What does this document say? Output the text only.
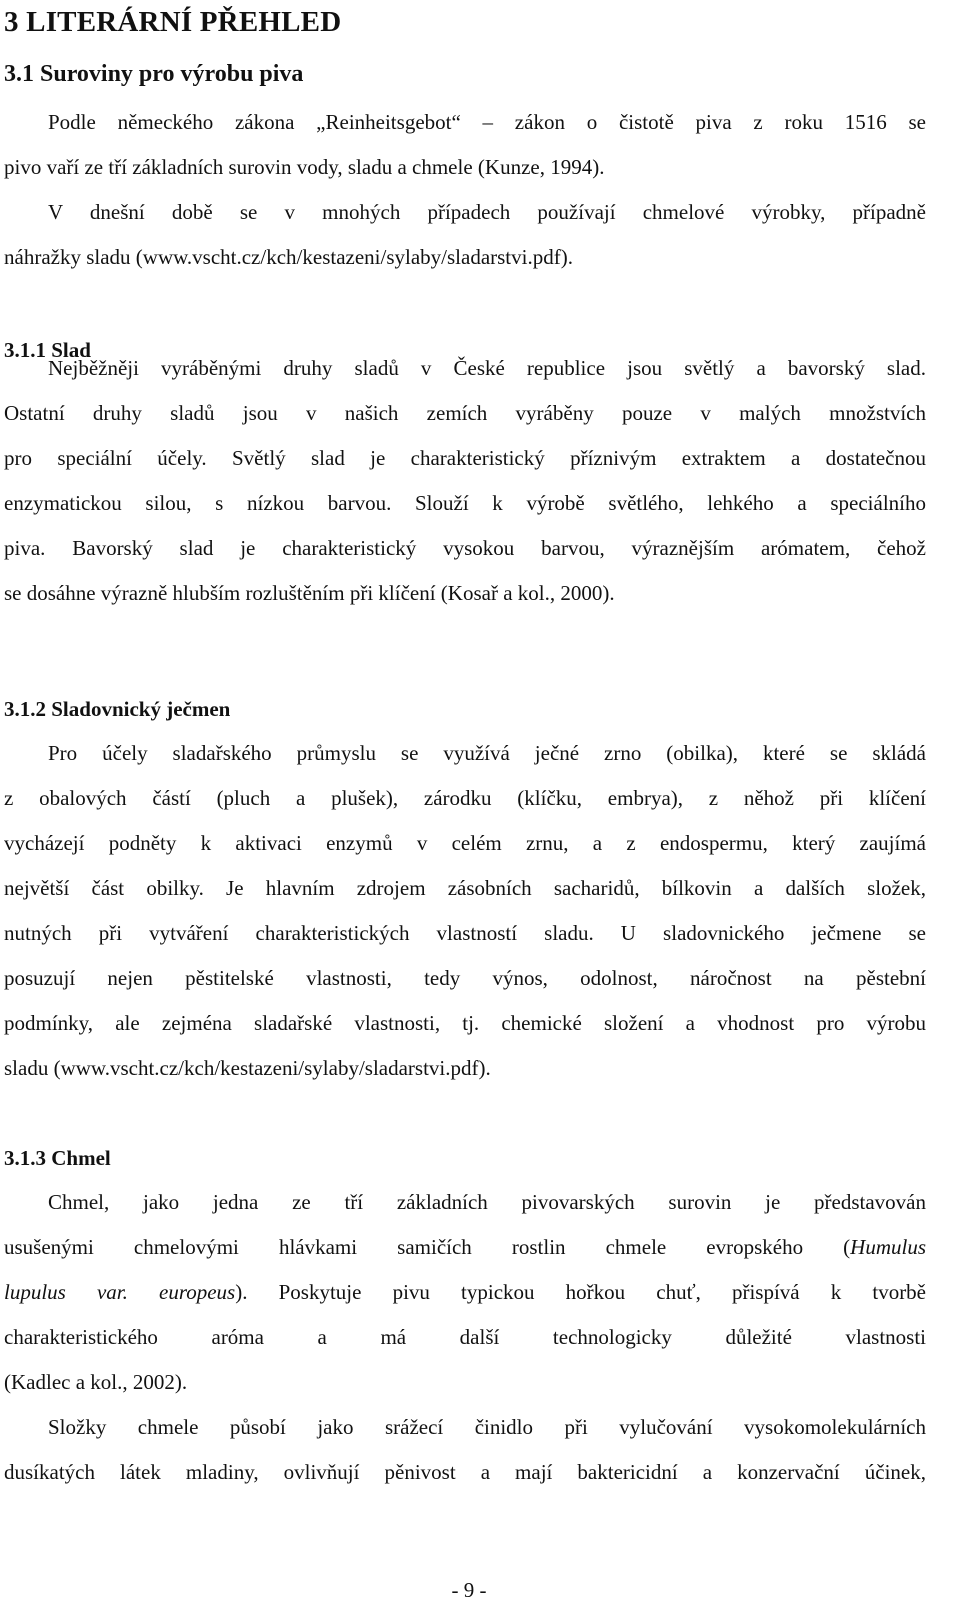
3 LITERÁRNÍ PŘEHLED
3.1 Suroviny pro výrobu piva
Podle německého zákona „Reinheitsgebot“ – zákon o čistotě piva z roku 1516 se
pivo vaří ze tří základních surovin vody, sladu a chmele (Kunze, 1994).
V dnešní době se v mnohých případech používají chmelové výrobky, případně
náhražky sladu (www.vscht.cz/kch/kestazeni/sylaby/sladarstvi.pdf).
3.1.1 Slad
Nejběžněji vyráběnými druhy sladů v České republice jsou světlý a bavorský slad.
Ostatní druhy sladů jsou v našich zemích vyráběny pouze v malých množstvích
pro speciální účely. Světlý slad je charakteristický příznivým extraktem a dostatečnou
enzymatickou silou, s nízkou barvou. Slouží k výrobě světlého, lehkého a speciálního
piva. Bavorský slad je charakteristický vysokou barvou, výraznějším arómatem, čehož
se dosáhne výrazně hlubším rozluštěním při klíčení (Kosař a kol., 2000).
3.1.2 Sladovnický ječmen
Pro účely sladařského průmyslu se využívá ječné zrno (obilka), které se skládá
z obalových částí (pluch a plušek), zárodku (klíčku, embrya), z něhož při klíčení
vycházejí podněty k aktivaci enzymů v celém zrnu, a z endospermu, který zaujímá
největší část obilky. Je hlavním zdrojem zásobních sacharidů, bílkovin a dalších složek,
nutných při vytváření charakteristických vlastností sladu. U sladovnického ječmene se
posuzují nejen pěstitelské vlastnosti, tedy výnos, odolnost, náročnost na pěstební
podmínky, ale zejména sladařské vlastnosti, tj. chemické složení a vhodnost pro výrobu
sladu (www.vscht.cz/kch/kestazeni/sylaby/sladarstvi.pdf).
3.1.3 Chmel
Chmel, jako jedna ze tří základních pivovarských surovin je představován
usušenými chmelovými hlávkami samičích rostlin chmele evropského (Humulus
lupulus var. europeus). Poskytuje pivu typickou hořkou chuť, přispívá k tvorbě
charakteristického aróma a má další technologicky důležité vlastnosti
(Kadlec a kol., 2002).
Složky chmele působí jako srážecí činidlo při vylučování vysokomolekulárních
dusíkatých látek mladiny, ovlivňují pěnivost a mají baktericidní a konzervační účinek,
- 9 -
